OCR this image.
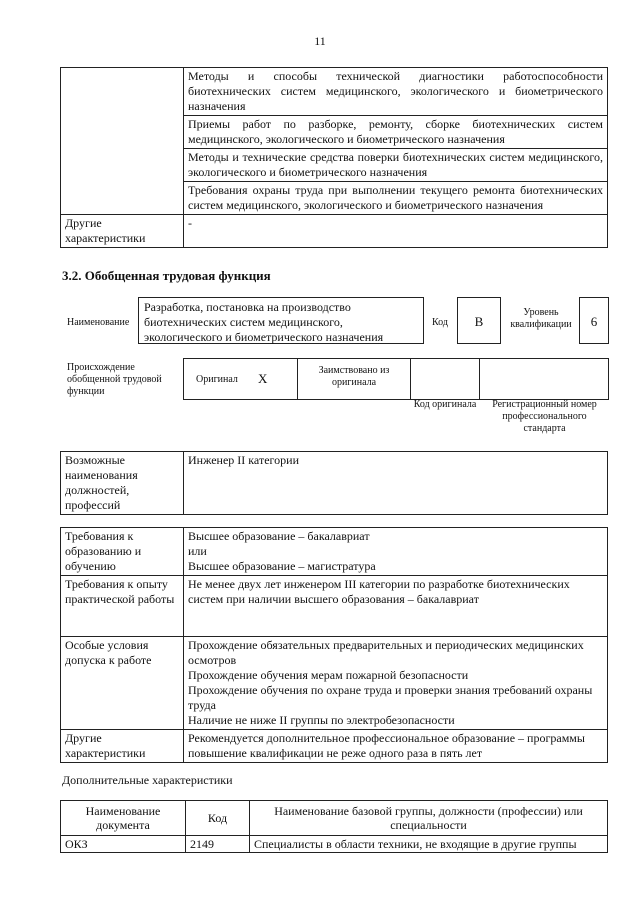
11
	Методы и способы технической диагностики работоспособности биотехнических систем медицинского, экологического и биометрического назначения
	Приемы работ по разборке, ремонту, сборке биотехнических систем медицинского, экологического и биометрического назначения
	Методы и технические средства поверки биотехнических систем медицинского, экологического и биометрического назначения
	Требования охраны труда при выполнении текущего ремонта биотехнических систем медицинского, экологического и биометрического назначения
Другие характеристики	-
3.2. Обобщенная трудовая функция
Наименование
Разработка, постановка на производство биотехнических систем медицинского, экологического и биометрического назначения
Код	B
Уровень квалификации	6
Происхождение обобщенной трудовой функции
Оригинал X
Заимствовано из оригинала
Код оригинала	Регистрационный номер профессионального стандарта
Возможные наименования должностей, профессий	Инженер II категории
Требования к образованию и обучению	Высшее образование – бакалавриат
или
Высшее образование – магистратура

Требования к опыту практической работы	Не менее двух лет инженером III категории по разработке биотехнических систем при наличии высшего образования – бакалавриат

Особые условия допуска к работе	Прохождение обязательных предварительных и периодических медицинских осмотров
Прохождение обучения мерам пожарной безопасности
Прохождение обучения по охране труда и проверки знания требований охраны труда
Наличие не ниже II группы по электробезопасности

Другие характеристики	Рекомендуется дополнительное профессиональное образование – программы повышение квалификации не реже одного раза в пять лет
Дополнительные характеристики
Наименование документа	Код	Наименование базовой группы, должности (профессии) или специальности
ОКЗ	2149	Специалисты в области техники, не входящие в другие группы
